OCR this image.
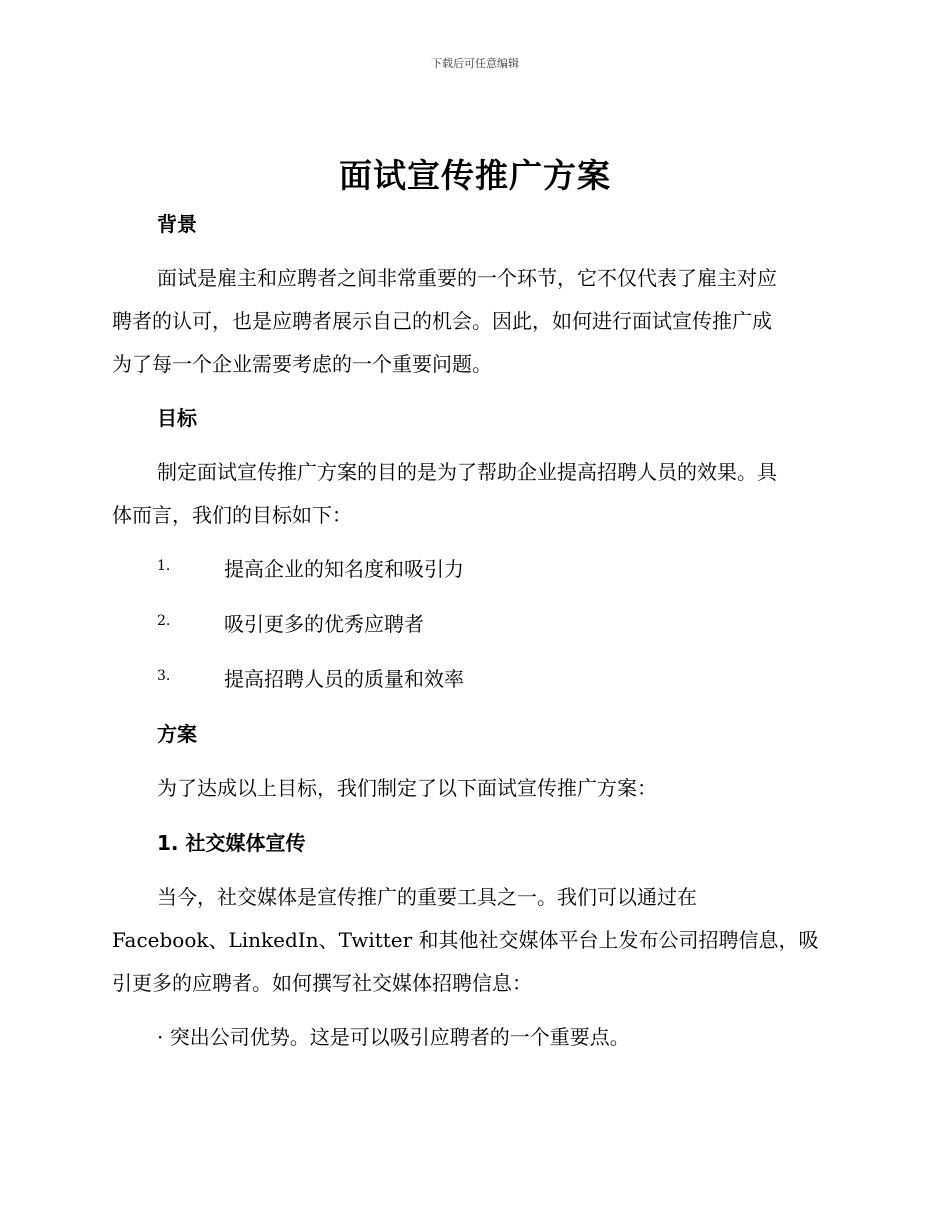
下载后可任意编辑
面试宣传推广方案
背景
面试是雇主和应聘者之间非常重要的一个环节，它不仅代表了雇主对应
聘者的认可，也是应聘者展示自己的机会。因此，如何进行面试宣传推广成
为了每一个企业需要考虑的一个重要问题。
目标
制定面试宣传推广方案的目的是为了帮助企业提高招聘人员的效果。具
体而言，我们的目标如下：
1.	提高企业的知名度和吸引力
2.	吸引更多的优秀应聘者
3.	提高招聘人员的质量和效率
方案
为了达成以上目标，我们制定了以下面试宣传推广方案：
1. 社交媒体宣传
当今，社交媒体是宣传推广的重要工具之一。我们可以通过在
Facebook、LinkedIn、Twitter 和其他社交媒体平台上发布公司招聘信息，吸
引更多的应聘者。如何撰写社交媒体招聘信息：
· 突出公司优势。这是可以吸引应聘者的一个重要点。
